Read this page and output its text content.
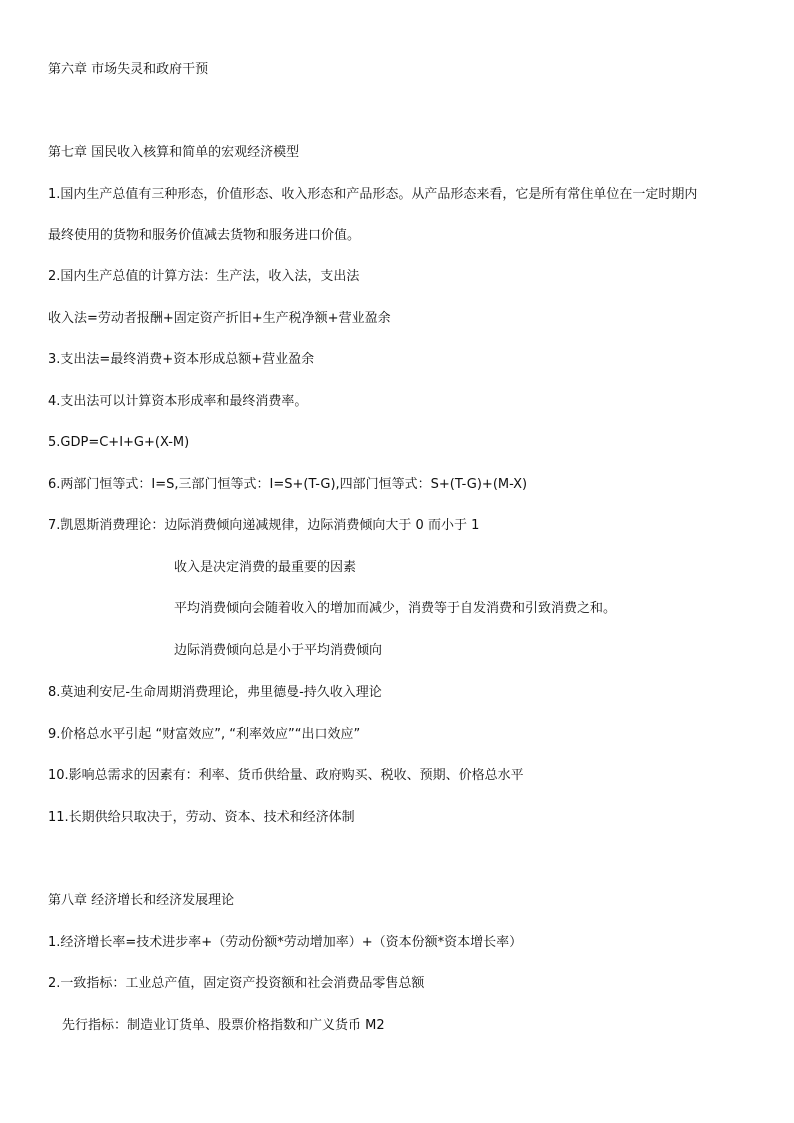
第六章 市场失灵和政府干预
第七章 国民收入核算和简单的宏观经济模型
1.国内生产总值有三种形态，价值形态、收入形态和产品形态。从产品形态来看，它是所有常住单位在一定时期内
最终使用的货物和服务价值减去货物和服务进口价值。
2.国内生产总值的计算方法：生产法，收入法，支出法
收入法=劳动者报酬+固定资产折旧+生产税净额+营业盈余
3.支出法=最终消费+资本形成总额+营业盈余
4.支出法可以计算资本形成率和最终消费率。
5.GDP=C+I+G+(X-M)
6.两部门恒等式：I=S,三部门恒等式：I=S+(T-G),四部门恒等式：S+(T-G)+(M-X)
7.凯恩斯消费理论：边际消费倾向递减规律，边际消费倾向大于 0 而小于 1
收入是决定消费的最重要的因素
平均消费倾向会随着收入的增加而减少，消费等于自发消费和引致消费之和。
边际消费倾向总是小于平均消费倾向
8.莫迪利安尼-生命周期消费理论，弗里德曼-持久收入理论
9.价格总水平引起 “财富效应”, “利率效应”“出口效应”
10.影响总需求的因素有：利率、货币供给量、政府购买、税收、预期、价格总水平
11.长期供给只取决于，劳动、资本、技术和经济体制
第八章 经济增长和经济发展理论
1.经济增长率=技术进步率+（劳动份额*劳动增加率）+（资本份额*资本增长率）
2.一致指标：工业总产值，固定资产投资额和社会消费品零售总额
先行指标：制造业订货单、股票价格指数和广义货币 M2
